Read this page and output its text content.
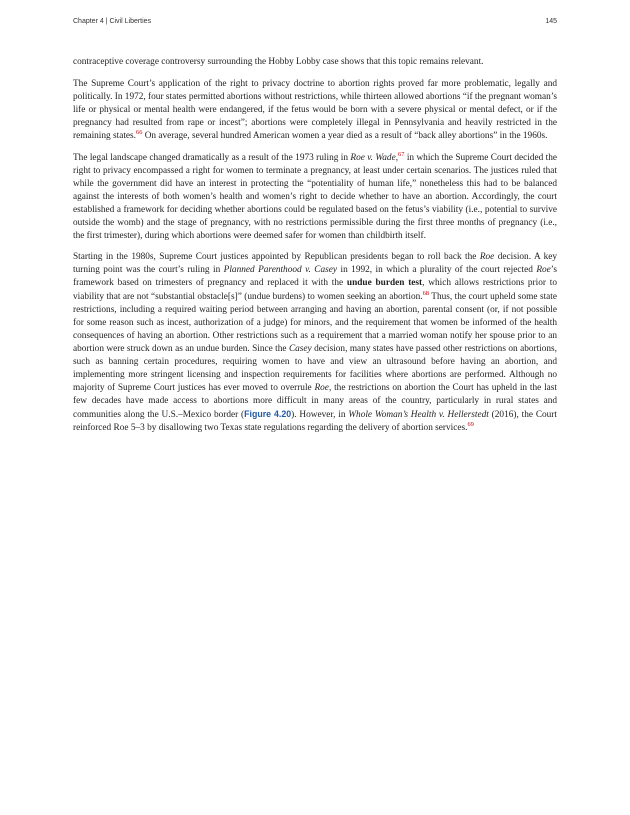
Chapter 4 | Civil Liberties	145

contraceptive coverage controversy surrounding the Hobby Lobby case shows that this topic remains relevant.

The Supreme Court’s application of the right to privacy doctrine to abortion rights proved far more problematic, legally and politically. In 1972, four states permitted abortions without restrictions, while thirteen allowed abortions “if the pregnant woman’s life or physical or mental health were endangered, if the fetus would be born with a severe physical or mental defect, or if the pregnancy had resulted from rape or incest”; abortions were completely illegal in Pennsylvania and heavily restricted in the remaining states.$^{66}$ On average, several hundred American women a year died as a result of “back alley abortions” in the 1960s.

The legal landscape changed dramatically as a result of the 1973 ruling in Roe v. Wade,$^{67}$ in which the Supreme Court decided the right to privacy encompassed a right for women to terminate a pregnancy, at least under certain scenarios. The justices ruled that while the government did have an interest in protecting the “potentiality of human life,” nonetheless this had to be balanced against the interests of both women’s health and women’s right to decide whether to have an abortion. Accordingly, the court established a framework for deciding whether abortions could be regulated based on the fetus’s viability (i.e., potential to survive outside the womb) and the stage of pregnancy, with no restrictions permissible during the first three months of pregnancy (i.e., the first trimester), during which abortions were deemed safer for women than childbirth itself.

Starting in the 1980s, Supreme Court justices appointed by Republican presidents began to roll back the Roe decision. A key turning point was the court’s ruling in Planned Parenthood v. Casey in 1992, in which a plurality of the court rejected Roe’s framework based on trimesters of pregnancy and replaced it with the undue burden test, which allows restrictions prior to viability that are not “substantial obstacle[s]” (undue burdens) to women seeking an abortion.$^{68}$ Thus, the court upheld some state restrictions, including a required waiting period between arranging and having an abortion, parental consent (or, if not possible for some reason such as incest, authorization of a judge) for minors, and the requirement that women be informed of the health consequences of having an abortion. Other restrictions such as a requirement that a married woman notify her spouse prior to an abortion were struck down as an undue burden. Since the Casey decision, many states have passed other restrictions on abortions, such as banning certain procedures, requiring women to have and view an ultrasound before having an abortion, and implementing more stringent licensing and inspection requirements for facilities where abortions are performed. Although no majority of Supreme Court justices has ever moved to overrule Roe, the restrictions on abortion the Court has upheld in the last few decades have made access to abortions more difficult in many areas of the country, particularly in rural states and communities along the U.S.–Mexico border (Figure 4.20). However, in Whole Woman’s Health v. Hellerstedt (2016), the Court reinforced Roe 5–3 by disallowing two Texas state regulations regarding the delivery of abortion services.$^{69}$
